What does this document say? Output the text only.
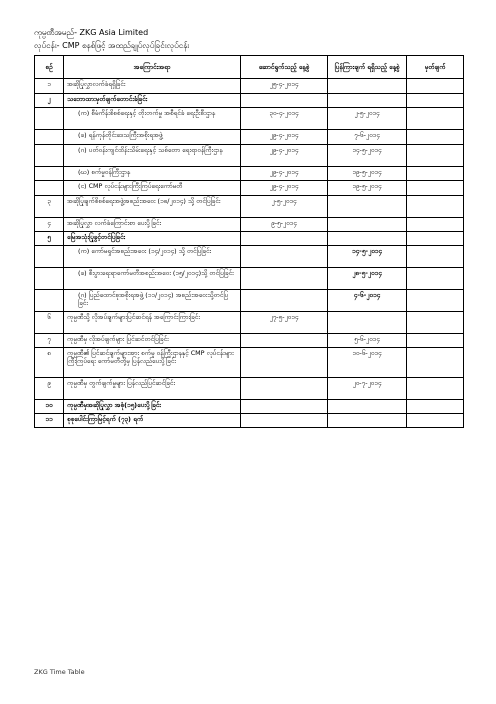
ကုမ္ပဏီအမည်- ZKG Asia Limited
လုပ်ငန်း- CMP စနစ်ဖြင့် အထည်ချုပ်လုပ်ခြင်းလုပ်ငန်း
စဉ်	အကြောင်းအရာ	ဆောင်ရွက်သည့် နေ့စွဲ	ပြန်ကြားချက် ရရှိသည့် နေ့စွဲ	မှတ်ချက်
၁	အဆိုပြုလွှာလက်ခံရရှိခြင်း	၂၅-၄-၂၀၁၄		
၂	သဘောထားမှတ်ချက်တောင်းခံခြင်း			
	(က) စီမံကိန်းစိစစ်ရေးနှင့် တိုးတက်မှု အစီရင်ခံ ရေးဦးစီးဌာန	၃၀-၄-၂၀၁၄	၂-၅-၂၀၁၄	
	(ခ) ရန်ကုန်တိုင်းဒေသကြီးအစိုးရအဖွဲ့	၂၉-၄-၂၀၁၄	၇-၆-၂၀၁၄	
	(ဂ) ပတ်ဝန်းကျင်ထိန်းသိမ်းရေးနှင့် သစ်တော ရေးရာဝန်ကြီးဌာန	၂၉-၄-၂၀၁၄	၁၄-၅-၂၀၁၄	
	(ဃ) စက်မှုဝန်ကြီးဌာန	၂၉-၄-၂၀၁၄	၁၉-၅-၂၀၁၄	
	(င) CMP လုပ်ငန်းများကြီးကြပ်ရေးကော်မတီ	၂၉-၄-၂၀၁၄	၁၉-၅-၂၀၁၄	
၃	အဆိုပြုချက်စိစစ်ရေးအဖွဲ့အစည်းအဝေး (၁၈/၂၀၁၄) သို့ တင်ပြခြင်း	၂-၅-၂၀၁၄		
၄	အဆိုပြုလွှာ လက်ခံကြောင်းစာ ပေးပို့ခြင်း	၉-၅-၂၀၁၄		
၅	မြေအသုံးပြုခွင့်တင်ပြခြင်း			
	(က) ကော်မရှင်အစည်းအဝေး (၁၄/၂၀၁၄) သို့ တင်ပြခြင်း		၁၄-၅-၂၀၁၄	
	(ခ) စီးပွားရေးရာကော်မတီအစည်းအဝေး (၁၅/၂၀၁၄)သို့ တင်ပြခြင်း		၂၈-၅-၂၀၁၄	
	(ဂ) ပြည်ထောင်စုအစိုးရအဖွဲ့ (၁၁/၂၀၁၄) အစည်းအဝေးသို့တင်ပြခြင်း		၄-၆-၂၀၁၄	
၆	ကုမ္ပဏီသို့ လိုအပ်ချက်များပြင်ဆင်ရန် အကြောင်းကြားခြင်း	၂၇-၅-၂၀၁၄		
၇	ကုမ္ပဏီမှ လိုအပ်ချက်များ ပြင်ဆင်တင်ပြခြင်း		၅-၆-၂၀၁၄	
၈	ကုမ္ပဏီ၏ ပြင်ဆင်ချက်များအား စက်မှု ဝန်ကြီးဌာနနှင့် CMP လုပ်ငန်းများ ကြီးကြပ်ရေး ကော်မတီတို့မှ ပြန်လည်ပေးပို့ခြင်း		၁၀-၆-၂၀၁၄	
၉	ကုမ္ပဏီမှ တွက်ချက်မှုများ ပြန်လည်ပြင်ဆင်ခြင်း		၂၀-၇-၂၀၁၄	
၁၀	ကုမ္ပဏီမှအဆိုပြုလွှာ အစုံ(၁၅)ပေးပို့ခြင်း			
၁၁	စုစုပေါင်းကြာမြင့်ရက် (၇၃) ရက်			
ZKG Time Table
